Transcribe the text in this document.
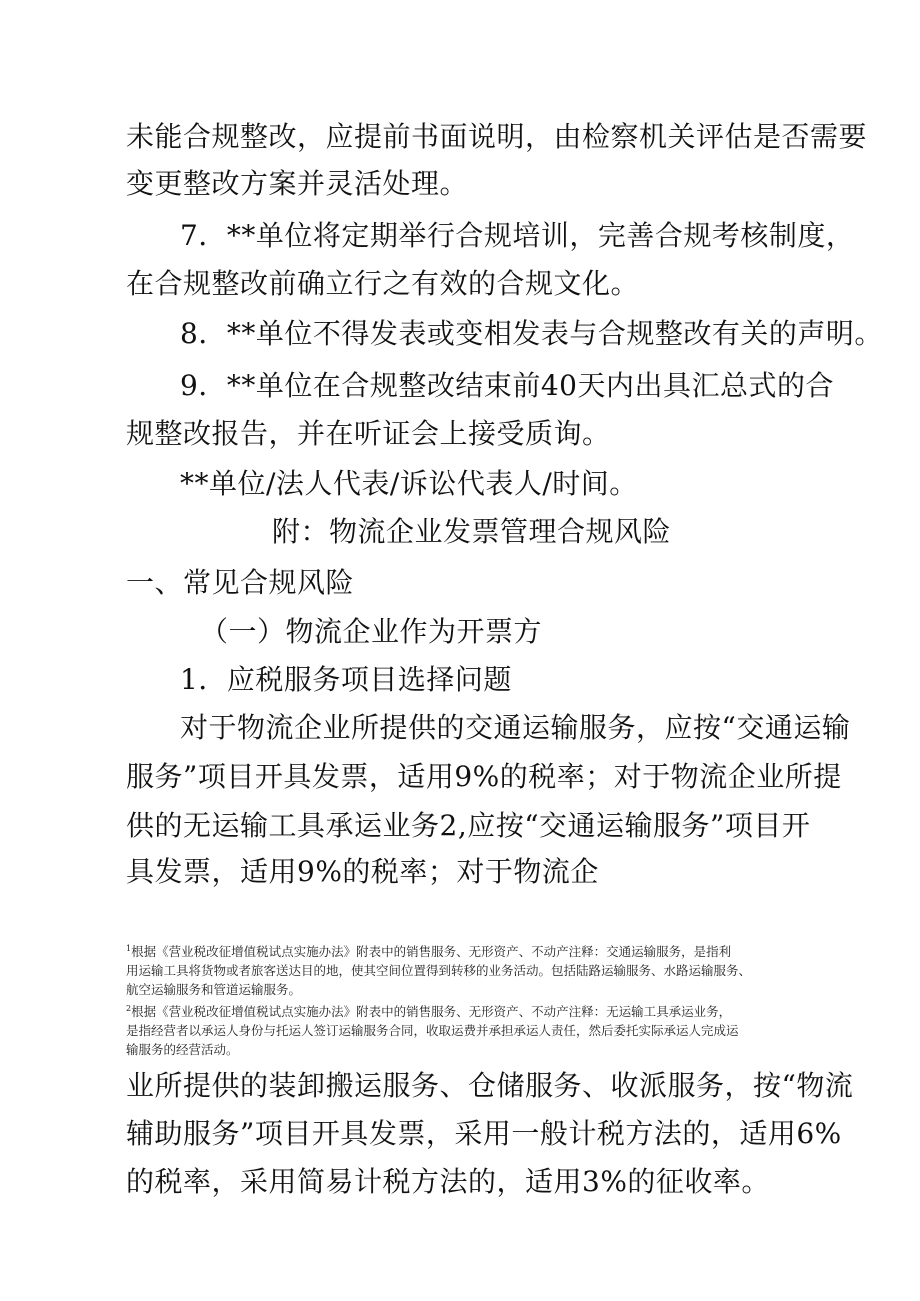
未能合规整改，应提前书面说明，由检察机关评估是否需要
变更整改方案并灵活处理。
7．**单位将定期举行合规培训，完善合规考核制度，
在合规整改前确立行之有效的合规文化。
8．**单位不得发表或变相发表与合规整改有关的声明。
9．**单位在合规整改结束前40天内出具汇总式的合
规整改报告，并在听证会上接受质询。
**单位/法人代表/诉讼代表人/时间。
附：物流企业发票管理合规风险
一、常见合规风险
（一）物流企业作为开票方
1．应税服务项目选择问题
对于物流企业所提供的交通运输服务，应按“交通运输
服务”项目开具发票，适用9%的税率；对于物流企业所提
供的无运输工具承运业务2,应按“交通运输服务”项目开
具发票，适用9%的税率；对于物流企
$^1$根据《营业税改征增值税试点实施办法》附表中的销售服务、无形资产、不动产注释：交通运输服务，是指利
用运输工具将货物或者旅客送达目的地，使其空间位置得到转移的业务活动。包括陆路运输服务、水路运输服务、
航空运输服务和管道运输服务。
$^2$根据《营业税改征增值税试点实施办法》附表中的销售服务、无形资产、不动产注释：无运输工具承运业务，
是指经营者以承运人身份与托运人签订运输服务合同，收取运费并承担承运人责任，然后委托实际承运人完成运
输服务的经营活动。
业所提供的装卸搬运服务、仓储服务、收派服务，按“物流
辅助服务”项目开具发票，采用一般计税方法的，适用6%
的税率，采用简易计税方法的，适用3%的征收率。
